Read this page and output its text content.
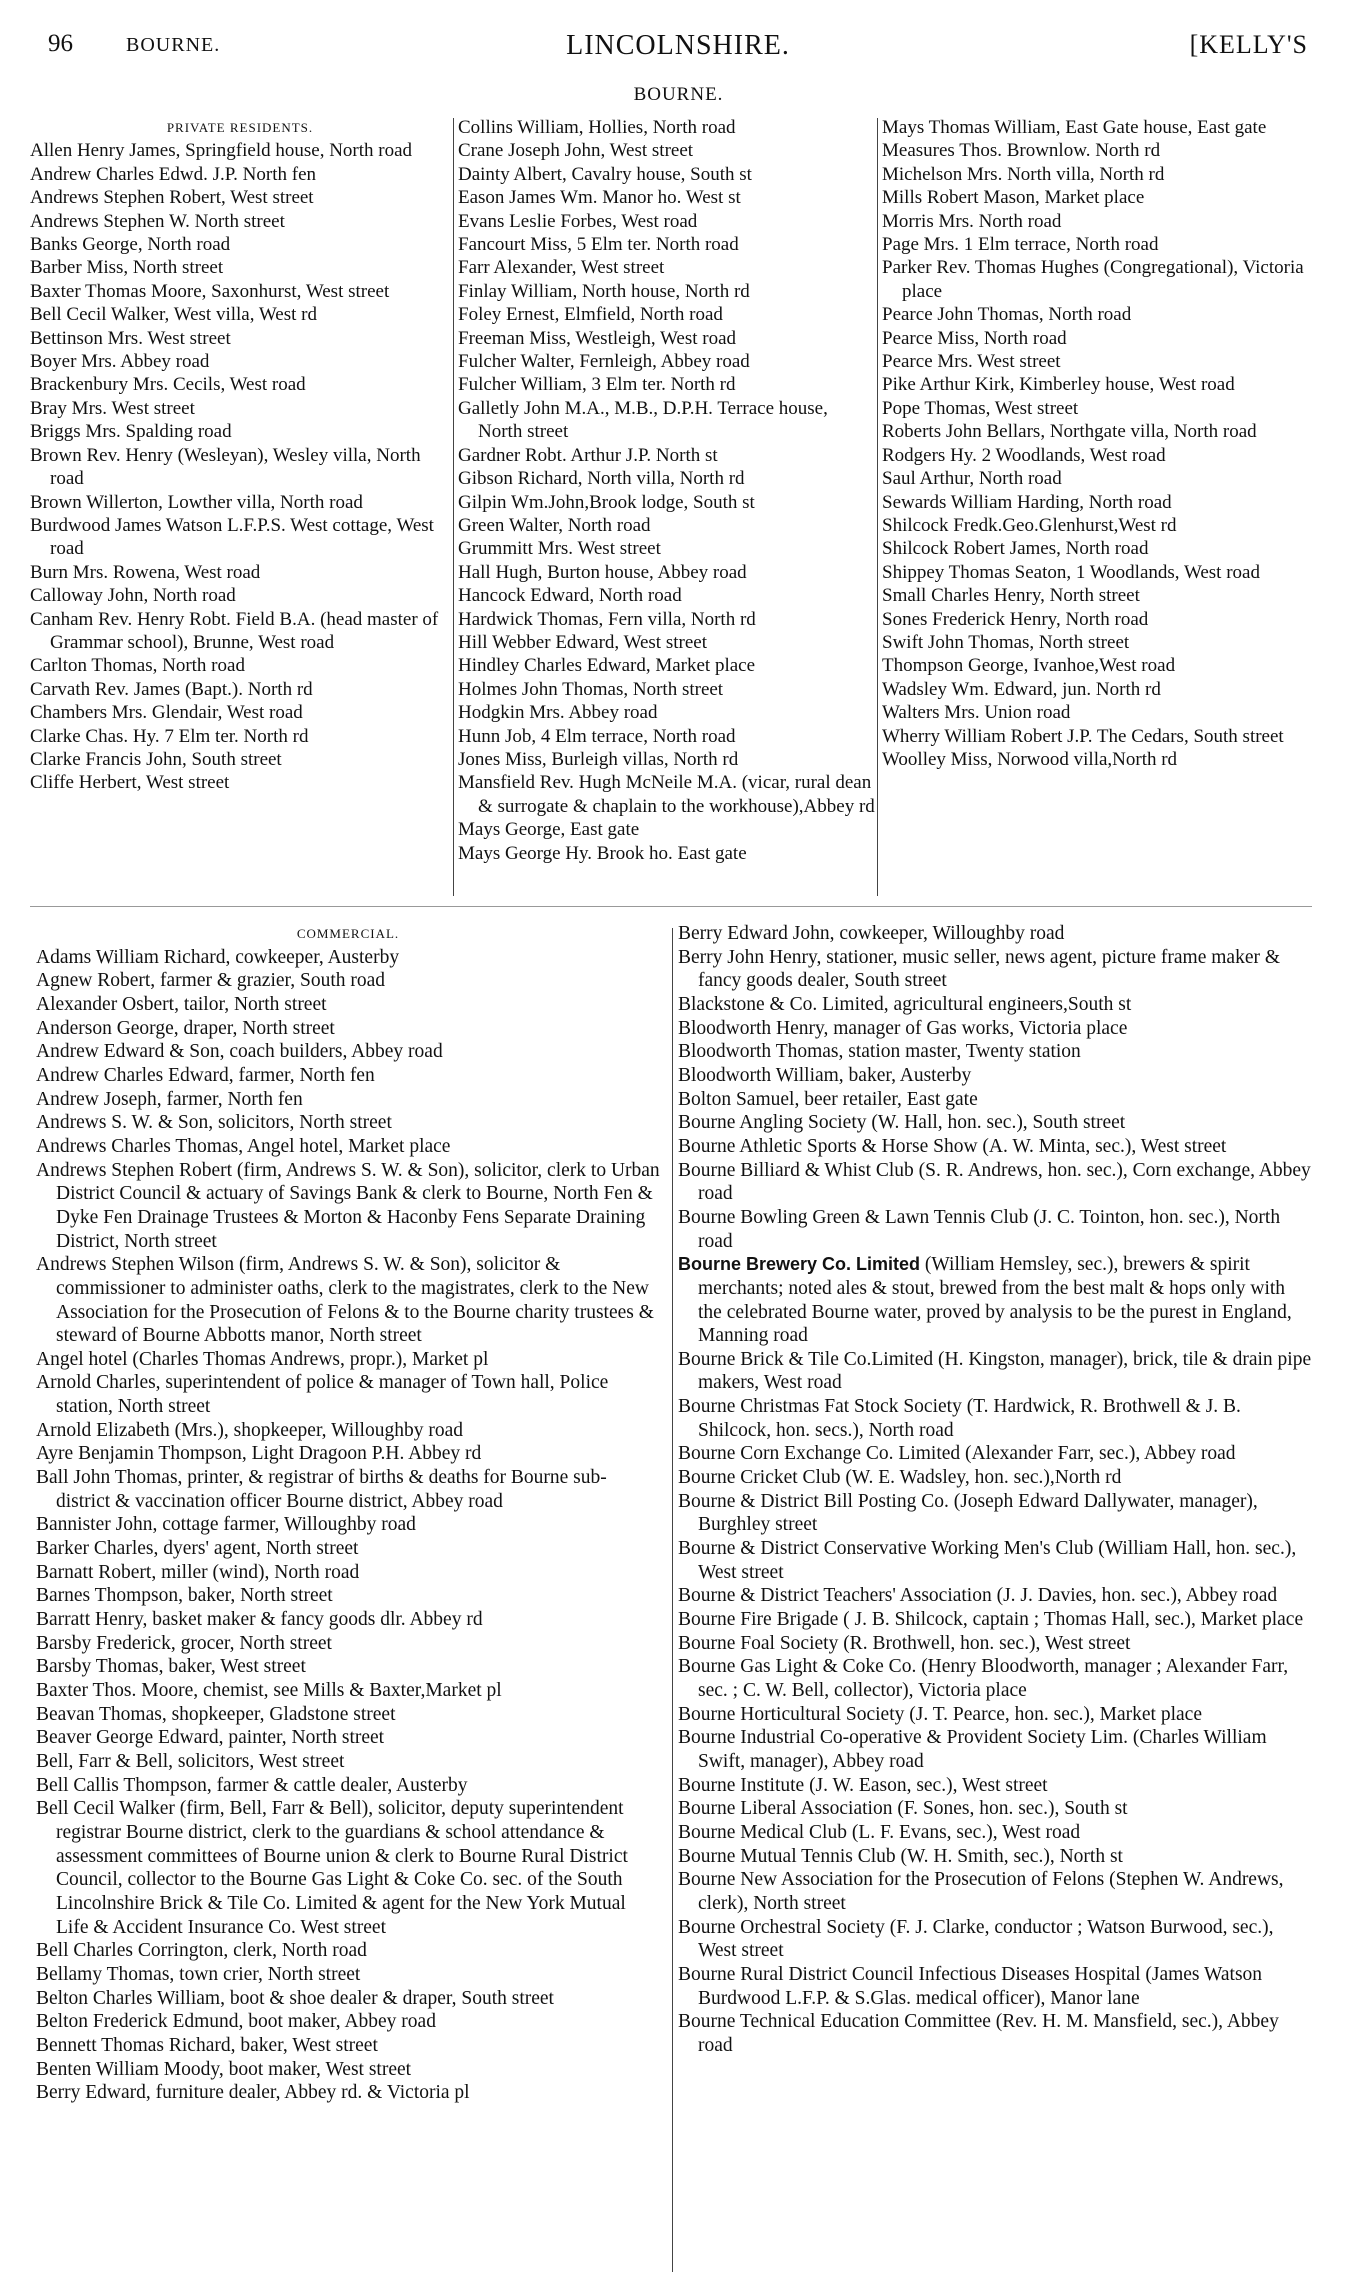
96	BOURNE.	LINCOLNSHIRE.	[KELLY'S
BOURNE.
PRIVATE RESIDENTS.
Allen Henry James, Springfield house, North road
Andrew Charles Edwd. J.P. North fen
Andrews Stephen Robert, West street
Andrews Stephen W. North street
Banks George, North road
Barber Miss, North street
Baxter Thomas Moore, Saxonhurst, West street
Bell Cecil Walker, West villa, West rd
Bettinson Mrs. West street
Boyer Mrs. Abbey road
Brackenbury Mrs. Cecils, West road
Bray Mrs. West street
Briggs Mrs. Spalding road
Brown Rev. Henry (Wesleyan), Wesley villa, North road
Brown Willerton, Lowther villa, North road
Burdwood James Watson L.F.P.S. West cottage, West road
Burn Mrs. Rowena, West road
Calloway John, North road
Canham Rev. Henry Robt. Field B.A. (head master of Grammar school), Brunne, West road
Carlton Thomas, North road
Carvath Rev. James (Bapt.). North rd
Chambers Mrs. Glendair, West road
Clarke Chas. Hy. 7 Elm ter. North rd
Clarke Francis John, South street
Cliffe Herbert, West street
Collins William, Hollies, North road
Crane Joseph John, West street
Dainty Albert, Cavalry house, South st
Eason James Wm. Manor ho. West st
Evans Leslie Forbes, West road
Fancourt Miss, 5 Elm ter. North road
Farr Alexander, West street
Finlay William, North house, North rd
Foley Ernest, Elmfield, North road
Freeman Miss, Westleigh, West road
Fulcher Walter, Fernleigh, Abbey road
Fulcher William, 3 Elm ter. North rd
Galletly John M.A., M.B., D.P.H. Terrace house, North street
Gardner Robt. Arthur J.P. North st
Gibson Richard, North villa, North rd
Gilpin Wm.John,Brook lodge, South st
Green Walter, North road
Grummitt Mrs. West street
Hall Hugh, Burton house, Abbey road
Hancock Edward, North road
Hardwick Thomas, Fern villa, North rd
Hill Webber Edward, West street
Hindley Charles Edward, Market place
Holmes John Thomas, North street
Hodgkin Mrs. Abbey road
Hunn Job, 4 Elm terrace, North road
Jones Miss, Burleigh villas, North rd
Mansfield Rev. Hugh McNeile M.A. (vicar, rural dean & surrogate & chaplain to the workhouse),Abbey rd
Mays George, East gate
Mays George Hy. Brook ho. East gate
Mays Thomas William, East Gate house, East gate
Measures Thos. Brownlow. North rd
Michelson Mrs. North villa, North rd
Mills Robert Mason, Market place
Morris Mrs. North road
Page Mrs. 1 Elm terrace, North road
Parker Rev. Thomas Hughes (Congregational), Victoria place
Pearce John Thomas, North road
Pearce Miss, North road
Pearce Mrs. West street
Pike Arthur Kirk, Kimberley house, West road
Pope Thomas, West street
Roberts John Bellars, Northgate villa, North road
Rodgers Hy. 2 Woodlands, West road
Saul Arthur, North road
Sewards William Harding, North road
Shilcock Fredk.Geo.Glenhurst,West rd
Shilcock Robert James, North road
Shippey Thomas Seaton, 1 Woodlands, West road
Small Charles Henry, North street
Sones Frederick Henry, North road
Swift John Thomas, North street
Thompson George, Ivanhoe,West road
Wadsley Wm. Edward, jun. North rd
Walters Mrs. Union road
Wherry William Robert J.P. The Cedars, South street
Woolley Miss, Norwood villa,North rd
COMMERCIAL.
Adams William Richard, cowkeeper, Austerby
Agnew Robert, farmer & grazier, South road
Alexander Osbert, tailor, North street
Anderson George, draper, North street
Andrew Edward & Son, coach builders, Abbey road
Andrew Charles Edward, farmer, North fen
Andrew Joseph, farmer, North fen
Andrews S. W. & Son, solicitors, North street
Andrews Charles Thomas, Angel hotel, Market place
Andrews Stephen Robert (firm, Andrews S. W. & Son), solicitor, clerk to Urban District Council & actuary of Savings Bank & clerk to Bourne, North Fen & Dyke Fen Drainage Trustees & Morton & Haconby Fens Separate Draining District, North street
Andrews Stephen Wilson (firm, Andrews S. W. & Son), solicitor & commissioner to administer oaths, clerk to the magistrates, clerk to the New Association for the Prosecution of Felons & to the Bourne charity trustees & steward of Bourne Abbotts manor, North street
Angel hotel (Charles Thomas Andrews, propr.), Market pl
Arnold Charles, superintendent of police & manager of Town hall, Police station, North street
Arnold Elizabeth (Mrs.), shopkeeper, Willoughby road
Ayre Benjamin Thompson, Light Dragoon P.H. Abbey rd
Ball John Thomas, printer, & registrar of births & deaths for Bourne sub-district & vaccination officer Bourne district, Abbey road
Bannister John, cottage farmer, Willoughby road
Barker Charles, dyers' agent, North street
Barnatt Robert, miller (wind), North road
Barnes Thompson, baker, North street
Barratt Henry, basket maker & fancy goods dlr. Abbey rd
Barsby Frederick, grocer, North street
Barsby Thomas, baker, West street
Baxter Thos. Moore, chemist, see Mills & Baxter,Market pl
Beavan Thomas, shopkeeper, Gladstone street
Beaver George Edward, painter, North street
Bell, Farr & Bell, solicitors, West street
Bell Callis Thompson, farmer & cattle dealer, Austerby
Bell Cecil Walker (firm, Bell, Farr & Bell), solicitor, deputy superintendent registrar Bourne district, clerk to the guardians & school attendance & assessment committees of Bourne union & clerk to Bourne Rural District Council, collector to the Bourne Gas Light & Coke Co. sec. of the South Lincolnshire Brick & Tile Co. Limited & agent for the New York Mutual Life & Accident Insurance Co. West street
Bell Charles Corrington, clerk, North road
Bellamy Thomas, town crier, North street
Belton Charles William, boot & shoe dealer & draper, South street
Belton Frederick Edmund, boot maker, Abbey road
Bennett Thomas Richard, baker, West street
Benten William Moody, boot maker, West street
Berry Edward, furniture dealer, Abbey rd. & Victoria pl
Berry Edward John, cowkeeper, Willoughby road
Berry John Henry, stationer, music seller, news agent, picture frame maker & fancy goods dealer, South street
Blackstone & Co. Limited, agricultural engineers,South st
Bloodworth Henry, manager of Gas works, Victoria place
Bloodworth Thomas, station master, Twenty station
Bloodworth William, baker, Austerby
Bolton Samuel, beer retailer, East gate
Bourne Angling Society (W. Hall, hon. sec.), South street
Bourne Athletic Sports & Horse Show (A. W. Minta, sec.), West street
Bourne Billiard & Whist Club (S. R. Andrews, hon. sec.), Corn exchange, Abbey road
Bourne Bowling Green & Lawn Tennis Club (J. C. Tointon, hon. sec.), North road
Bourne Brewery Co. Limited (William Hemsley, sec.), brewers & spirit merchants; noted ales & stout, brewed from the best malt & hops only with the celebrated Bourne water, proved by analysis to be the purest in England, Manning road
Bourne Brick & Tile Co.Limited (H. Kingston, manager), brick, tile & drain pipe makers, West road
Bourne Christmas Fat Stock Society (T. Hardwick, R. Brothwell & J. B. Shilcock, hon. secs.), North road
Bourne Corn Exchange Co. Limited (Alexander Farr, sec.), Abbey road
Bourne Cricket Club (W. E. Wadsley, hon. sec.),North rd
Bourne & District Bill Posting Co. (Joseph Edward Dallywater, manager), Burghley street
Bourne & District Conservative Working Men's Club (William Hall, hon. sec.), West street
Bourne & District Teachers' Association (J. J. Davies, hon. sec.), Abbey road
Bourne Fire Brigade ( J. B. Shilcock, captain ; Thomas Hall, sec.), Market place
Bourne Foal Society (R. Brothwell, hon. sec.), West street
Bourne Gas Light & Coke Co. (Henry Bloodworth, manager ; Alexander Farr, sec. ; C. W. Bell, collector), Victoria place
Bourne Horticultural Society (J. T. Pearce, hon. sec.), Market place
Bourne Industrial Co-operative & Provident Society Lim. (Charles William Swift, manager), Abbey road
Bourne Institute (J. W. Eason, sec.), West street
Bourne Liberal Association (F. Sones, hon. sec.), South st
Bourne Medical Club (L. F. Evans, sec.), West road
Bourne Mutual Tennis Club (W. H. Smith, sec.), North st
Bourne New Association for the Prosecution of Felons (Stephen W. Andrews, clerk), North street
Bourne Orchestral Society (F. J. Clarke, conductor ; Watson Burwood, sec.), West street
Bourne Rural District Council Infectious Diseases Hospital (James Watson Burdwood L.F.P. & S.Glas. medical officer), Manor lane
Bourne Technical Education Committee (Rev. H. M. Mansfield, sec.), Abbey road
